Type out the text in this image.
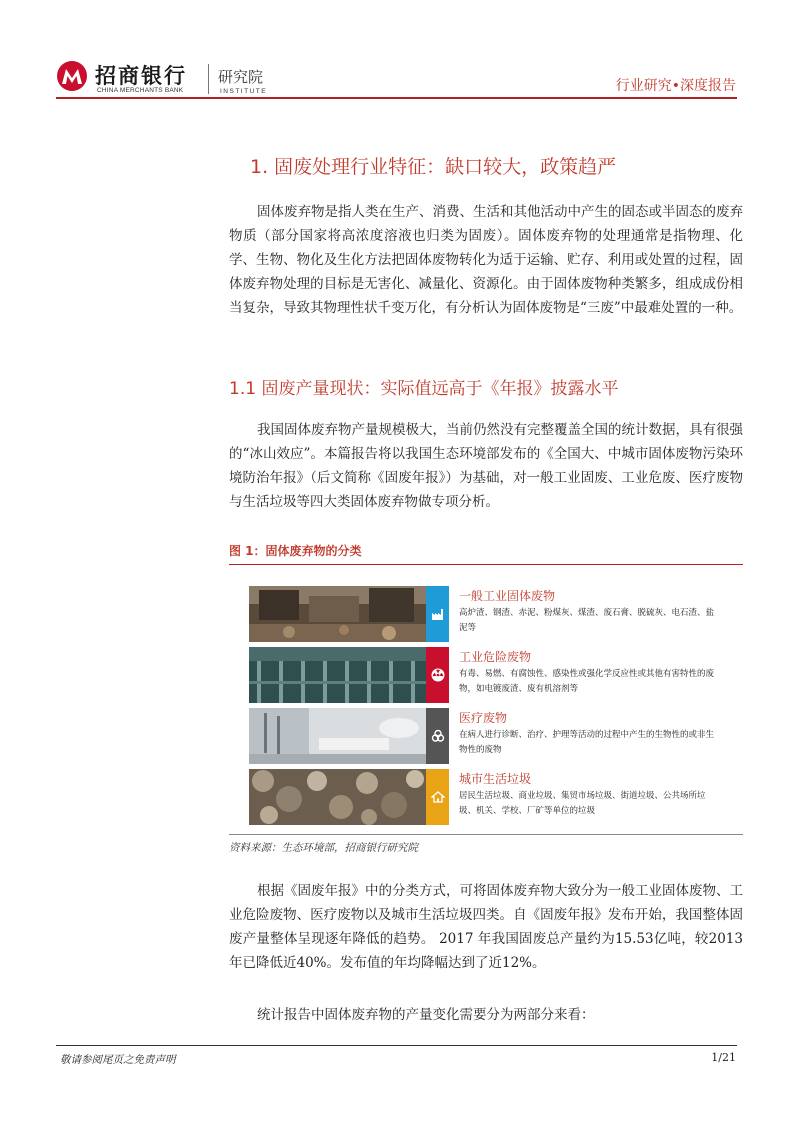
招商银行
CHINA MERCHANTS BANK
研究院
INSTITUTE	行业研究•深度报告
1. 固废处理行业特征：缺口较大，政策趋严

固体废弃物是指人类在生产、消费、生活和其他活动中产生的固态或半固态的废弃物质（部分国家将高浓度溶液也归类为固废）。固体废弃物的处理通常是指物理、化学、生物、物化及生化方法把固体废物转化为适于运输、贮存、利用或处置的过程，固体废弃物处理的目标是无害化、减量化、资源化。由于固体废物种类繁多，组成成份相当复杂，导致其物理性状千变万化，有分析认为固体废物是“三废”中最难处置的一种。

1.1 固废产量现状：实际值远高于《年报》披露水平

我国固体废弃物产量规模极大，当前仍然没有完整覆盖全国的统计数据，具有很强的“冰山效应”。本篇报告将以我国生态环境部发布的《全国大、中城市固体废物污染环境防治年报》（后文简称《固废年报》）为基础，对一般工业固废、工业危废、医疗废物与生活垃圾等四大类固体废弃物做专项分析。

图 1：固体废弃物的分类
一般工业固体废物
高炉渣、钢渣、赤泥、粉煤灰、煤渣、废石膏、脱硫灰、电石渣、盐泥等
工业危险废物
有毒、易燃、有腐蚀性、感染性或强化学反应性或其他有害特性的废物，如电镀废渣、废有机溶剂等
医疗废物
在病人进行诊断、治疗、护理等活动的过程中产生的生物性的或非生物性的废物
城市生活垃圾
居民生活垃圾、商业垃圾、集贸市场垃圾、街道垃圾、公共场所垃圾、机关、学校、厂矿等单位的垃圾
资料来源：生态环境部，招商银行研究院

根据《固废年报》中的分类方式，可将固体废弃物大致分为一般工业固体废物、工业危险废物、医疗废物以及城市生活垃圾四类。自《固废年报》发布开始，我国整体固废产量整体呈现逐年降低的趋势。 2017 年我国固废总产量约为15.53亿吨，较2013年已降低近40%。发布值的年均降幅达到了近12%。

统计报告中固体废弃物的产量变化需要分为两部分来看：

敬请参阅尾页之免责声明	1/21
